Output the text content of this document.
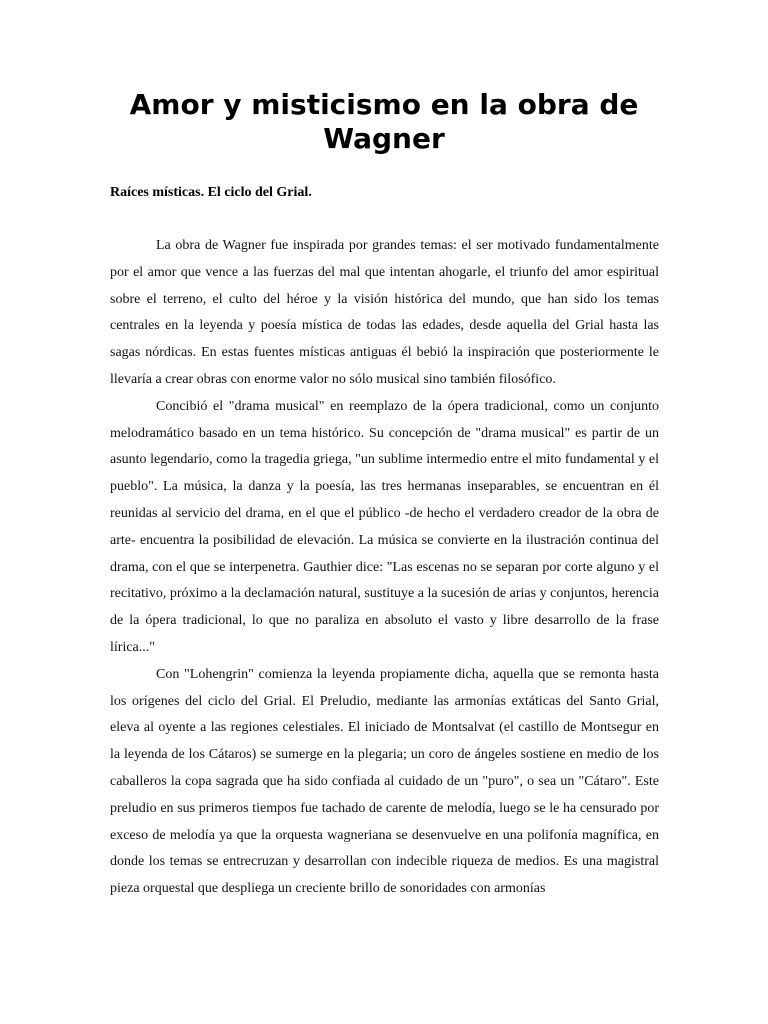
Amor y misticismo en la obra de Wagner
Raíces místicas. El ciclo del Grial.

La obra de Wagner fue inspirada por grandes temas: el ser motivado fundamentalmente por el amor que vence a las fuerzas del mal que intentan ahogarle, el triunfo del amor espiritual sobre el terreno, el culto del héroe y la visión histórica del mundo, que han sido los temas centrales en la leyenda y poesía mística de todas las edades, desde aquella del Grial hasta las sagas nórdicas. En estas fuentes místicas antiguas él bebió la inspiración que posteriormente le llevaría a crear obras con enorme valor no sólo musical sino también filosófico.

Concibió el "drama musical" en reemplazo de la ópera tradicional, como un conjunto melodramático basado en un tema histórico. Su concepción de "drama musical" es partir de un asunto legendario, como la tragedia griega, "un sublime intermedio entre el mito fundamental y el pueblo". La música, la danza y la poesía, las tres hermanas inseparables, se encuentran en él reunidas al servicio del drama, en el que el público -de hecho el verdadero creador de la obra de arte- encuentra la posibilidad de elevación. La música se convierte en la ilustración continua del drama, con el que se interpenetra. Gauthier dice: "Las escenas no se separan por corte alguno y el recitativo, próximo a la declamación natural, sustituye a la sucesión de arias y conjuntos, herencia de la ópera tradicional, lo que no paraliza en absoluto el vasto y libre desarrollo de la frase lírica..."

Con "Lohengrin" comienza la leyenda propiamente dicha, aquella que se remonta hasta los orígenes del ciclo del Grial. El Preludio, mediante las armonías extáticas del Santo Grial, eleva al oyente a las regiones celestiales. El iniciado de Montsalvat (el castillo de Montsegur en la leyenda de los Cátaros) se sumerge en la plegaria; un coro de ángeles sostiene en medio de los caballeros la copa sagrada que ha sido confiada al cuidado de un "puro", o sea un "Cátaro". Este preludio en sus primeros tiempos fue tachado de carente de melodía, luego se le ha censurado por exceso de melodía ya que la orquesta wagneriana se desenvuelve en una polifonía magnífica, en donde los temas se entrecruzan y desarrollan con indecible riqueza de medios. Es una magistral pieza orquestal que despliega un creciente brillo de sonoridades con armonías
